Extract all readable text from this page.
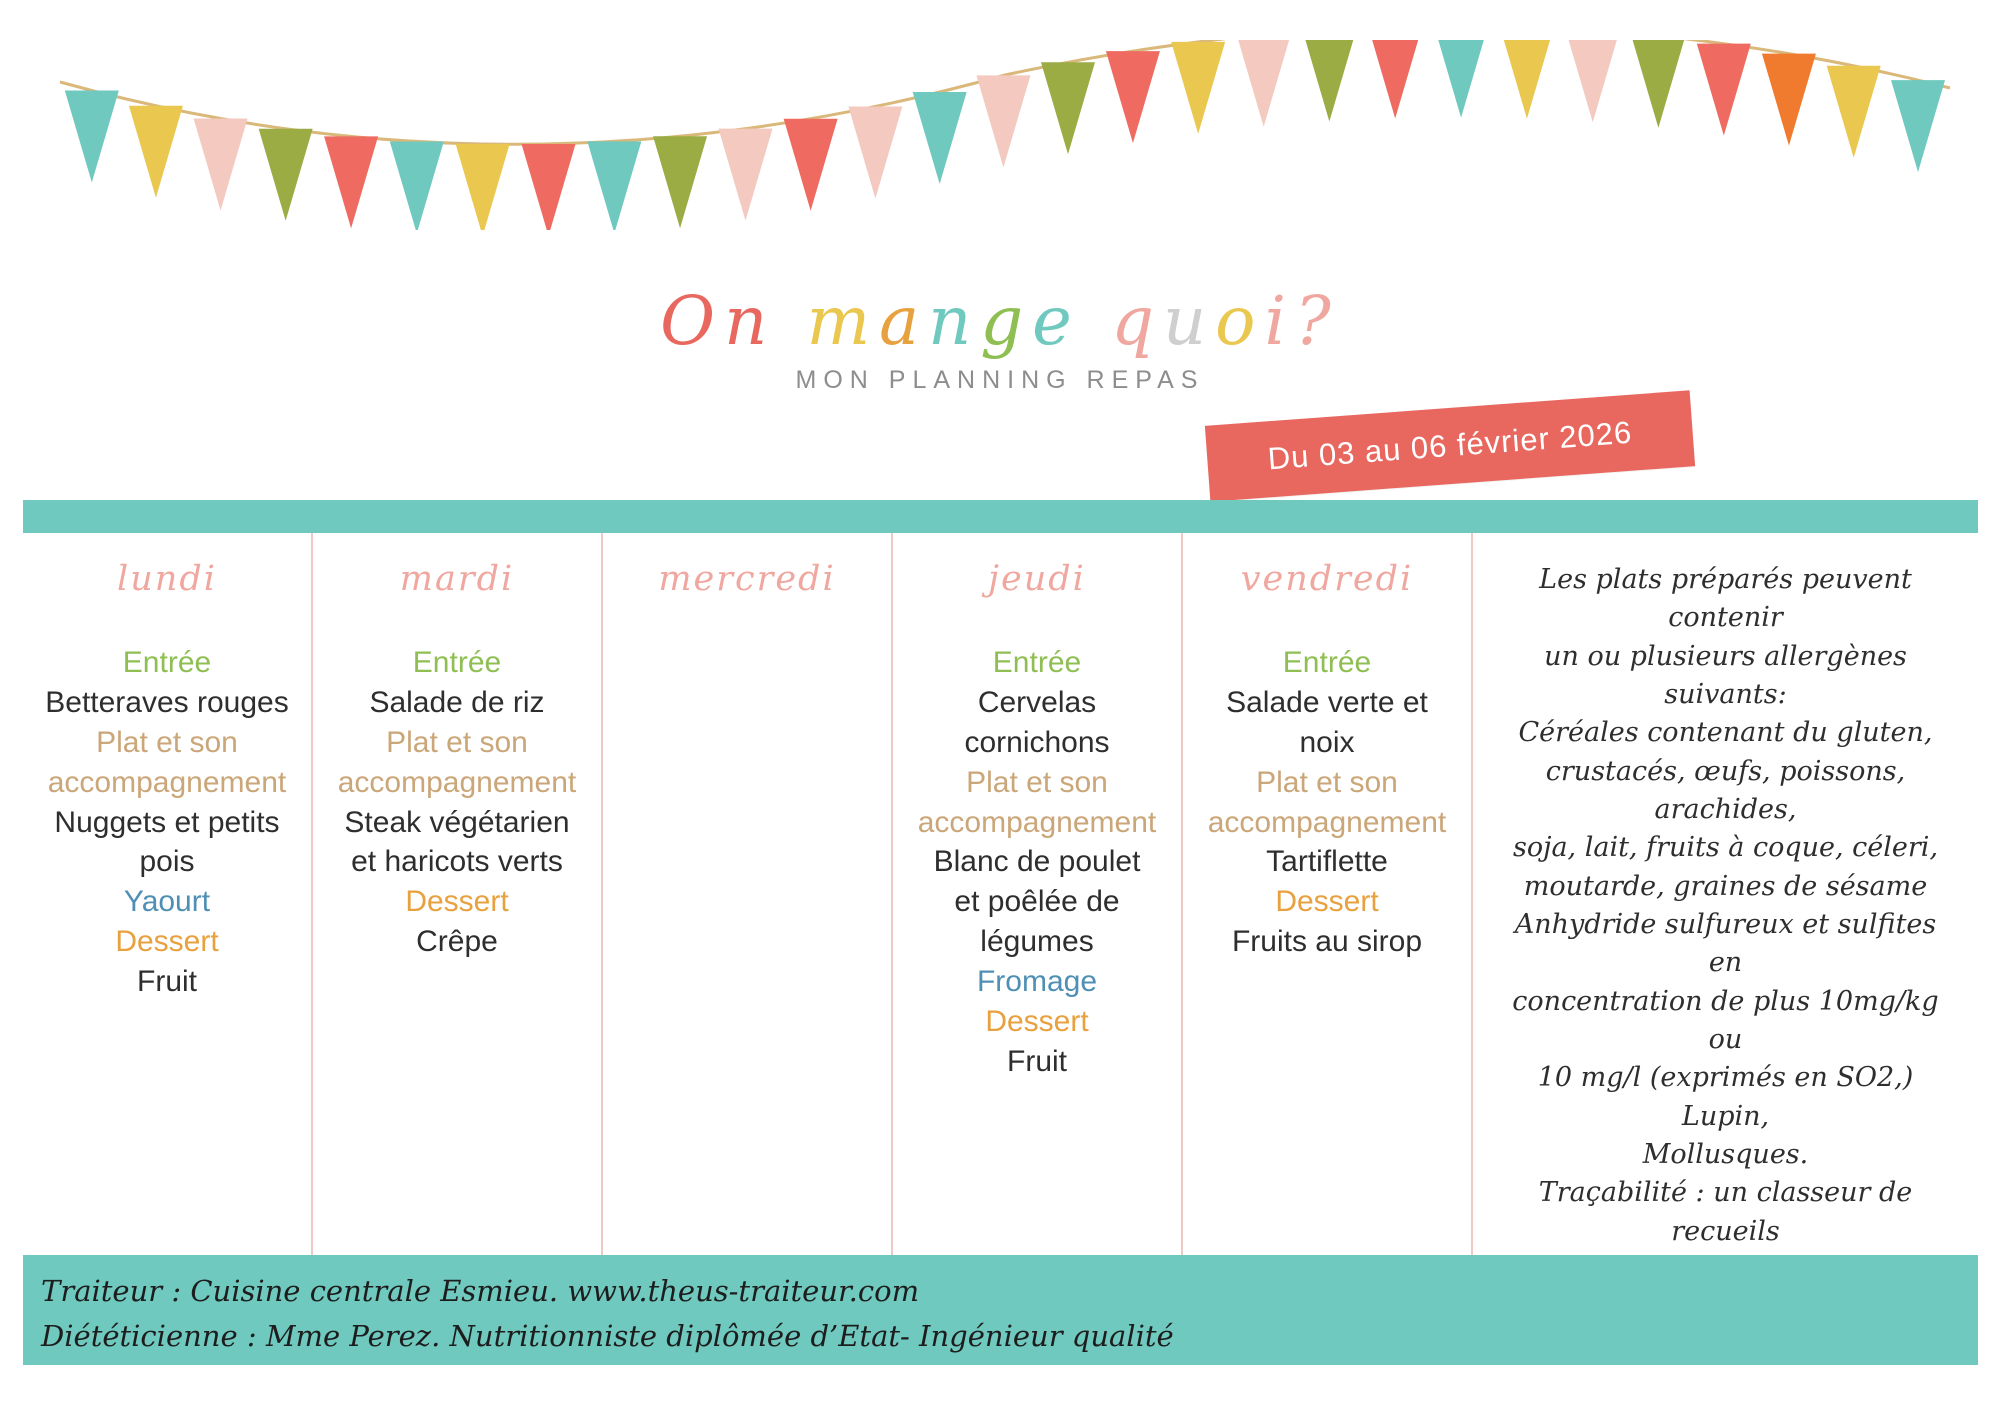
On mange quoi?
MON PLANNING REPAS
Du 03 au 06 février 2026
lundi
Entrée
Betteraves rouges
Plat et son
accompagnement
Nuggets et petits
pois
Yaourt
Dessert
Fruit
mardi
Entrée
Salade de riz
Plat et son
accompagnement
Steak végétarien
et haricots verts
Dessert
Crêpe
mercredi	jeudi
Entrée
Cervelas
cornichons
Plat et son
accompagnement
Blanc de poulet
et poêlée de
légumes
Fromage
Dessert
Fruit
vendredi
Entrée
Salade verte et
noix
Plat et son
accompagnement
Tartiflette
Dessert
Fruits au sirop

Les plats préparés peuvent contenir

un ou plusieurs allergènes suivants:

Céréales contenant du gluten,

crustacés, œufs, poissons, arachides,

soja, lait, fruits à coque, céleri,

moutarde, graines de sésame

Anhydride sulfureux et sulfites en

concentration de plus 10mg/kg ou

10 mg/l (exprimés en SO2,) Lupin,

Mollusques.

Traçabilité : un classeur de recueils

Traiteur : Cuisine centrale Esmieu. www.theus-traiteur.com
Diététicienne : Mme Perez. Nutritionniste diplômée d’Etat- Ingénieur qualité
